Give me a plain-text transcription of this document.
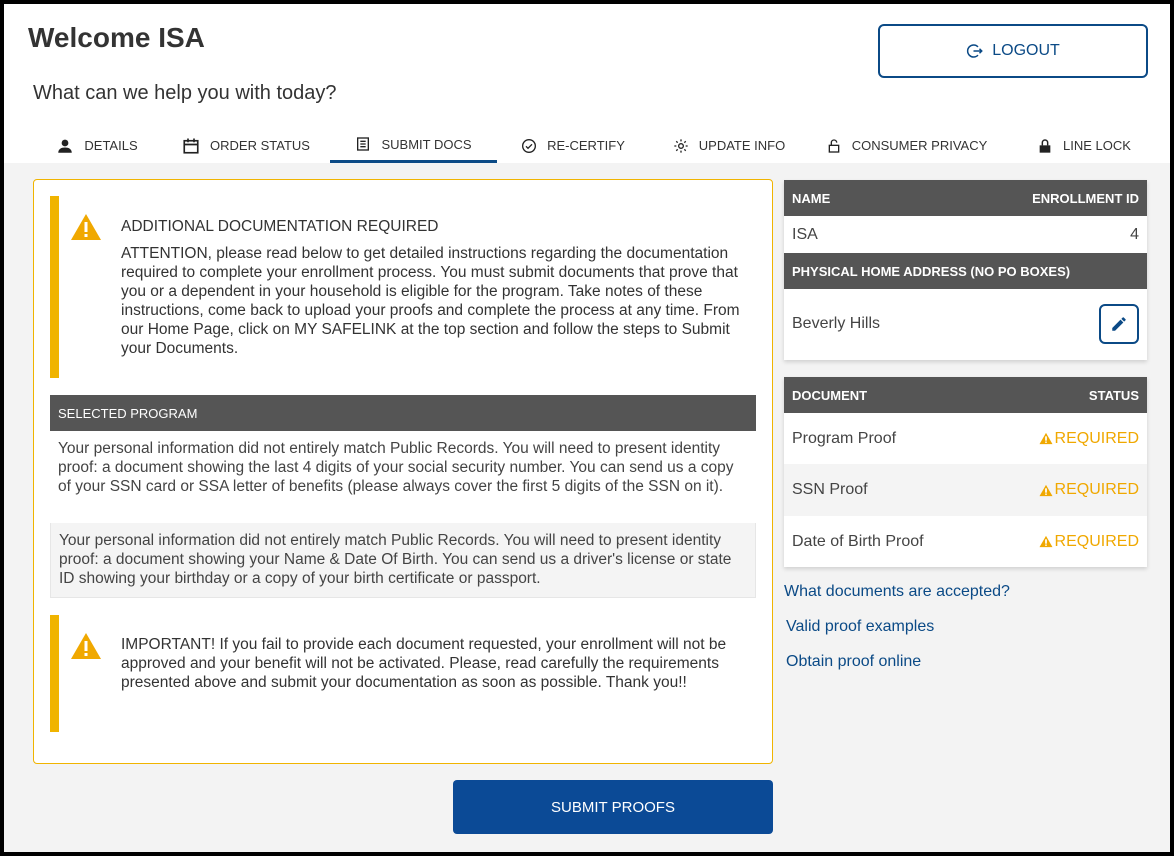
Welcome ISA
What can we help you with today?
LOGOUT
DETAILS	ORDER STATUS	SUBMIT DOCS	RE-CERTIFY	UPDATE INFO	CONSUMER PRIVACY	LINE LOCK
ADDITIONAL DOCUMENTATION REQUIRED
ATTENTION, please read below to get detailed instructions regarding the documentation required to complete your enrollment process. You must submit documents that prove that you or a dependent in your household is eligible for the program. Take notes of these instructions, come back to upload your proofs and complete the process at any time. From our Home Page, click on MY SAFELINK at the top section and follow the steps to Submit your Documents.
SELECTED PROGRAM
Your personal information did not entirely match Public Records. You will need to present identity proof: a document showing the last 4 digits of your social security number. You can send us a copy of your SSN card or SSA letter of benefits (please always cover the first 5 digits of the SSN on it).
Your personal information did not entirely match Public Records. You will need to present identity proof: a document showing your Name & Date Of Birth. You can send us a driver's license or state ID showing your birthday or a copy of your birth certificate or passport.
IMPORTANT! If you fail to provide each document requested, your enrollment will not be approved and your benefit will not be activated. Please, read carefully the requirements presented above and submit your documentation as soon as possible. Thank you!!
SUBMIT PROOFS
NAME	ENROLLMENT ID
ISA	4
PHYSICAL HOME ADDRESS (NO PO BOXES)
Beverly Hills
DOCUMENT	STATUS
Program Proof	REQUIRED
SSN Proof	REQUIRED
Date of Birth Proof	REQUIRED
What documents are accepted?
Valid proof examples
Obtain proof online
